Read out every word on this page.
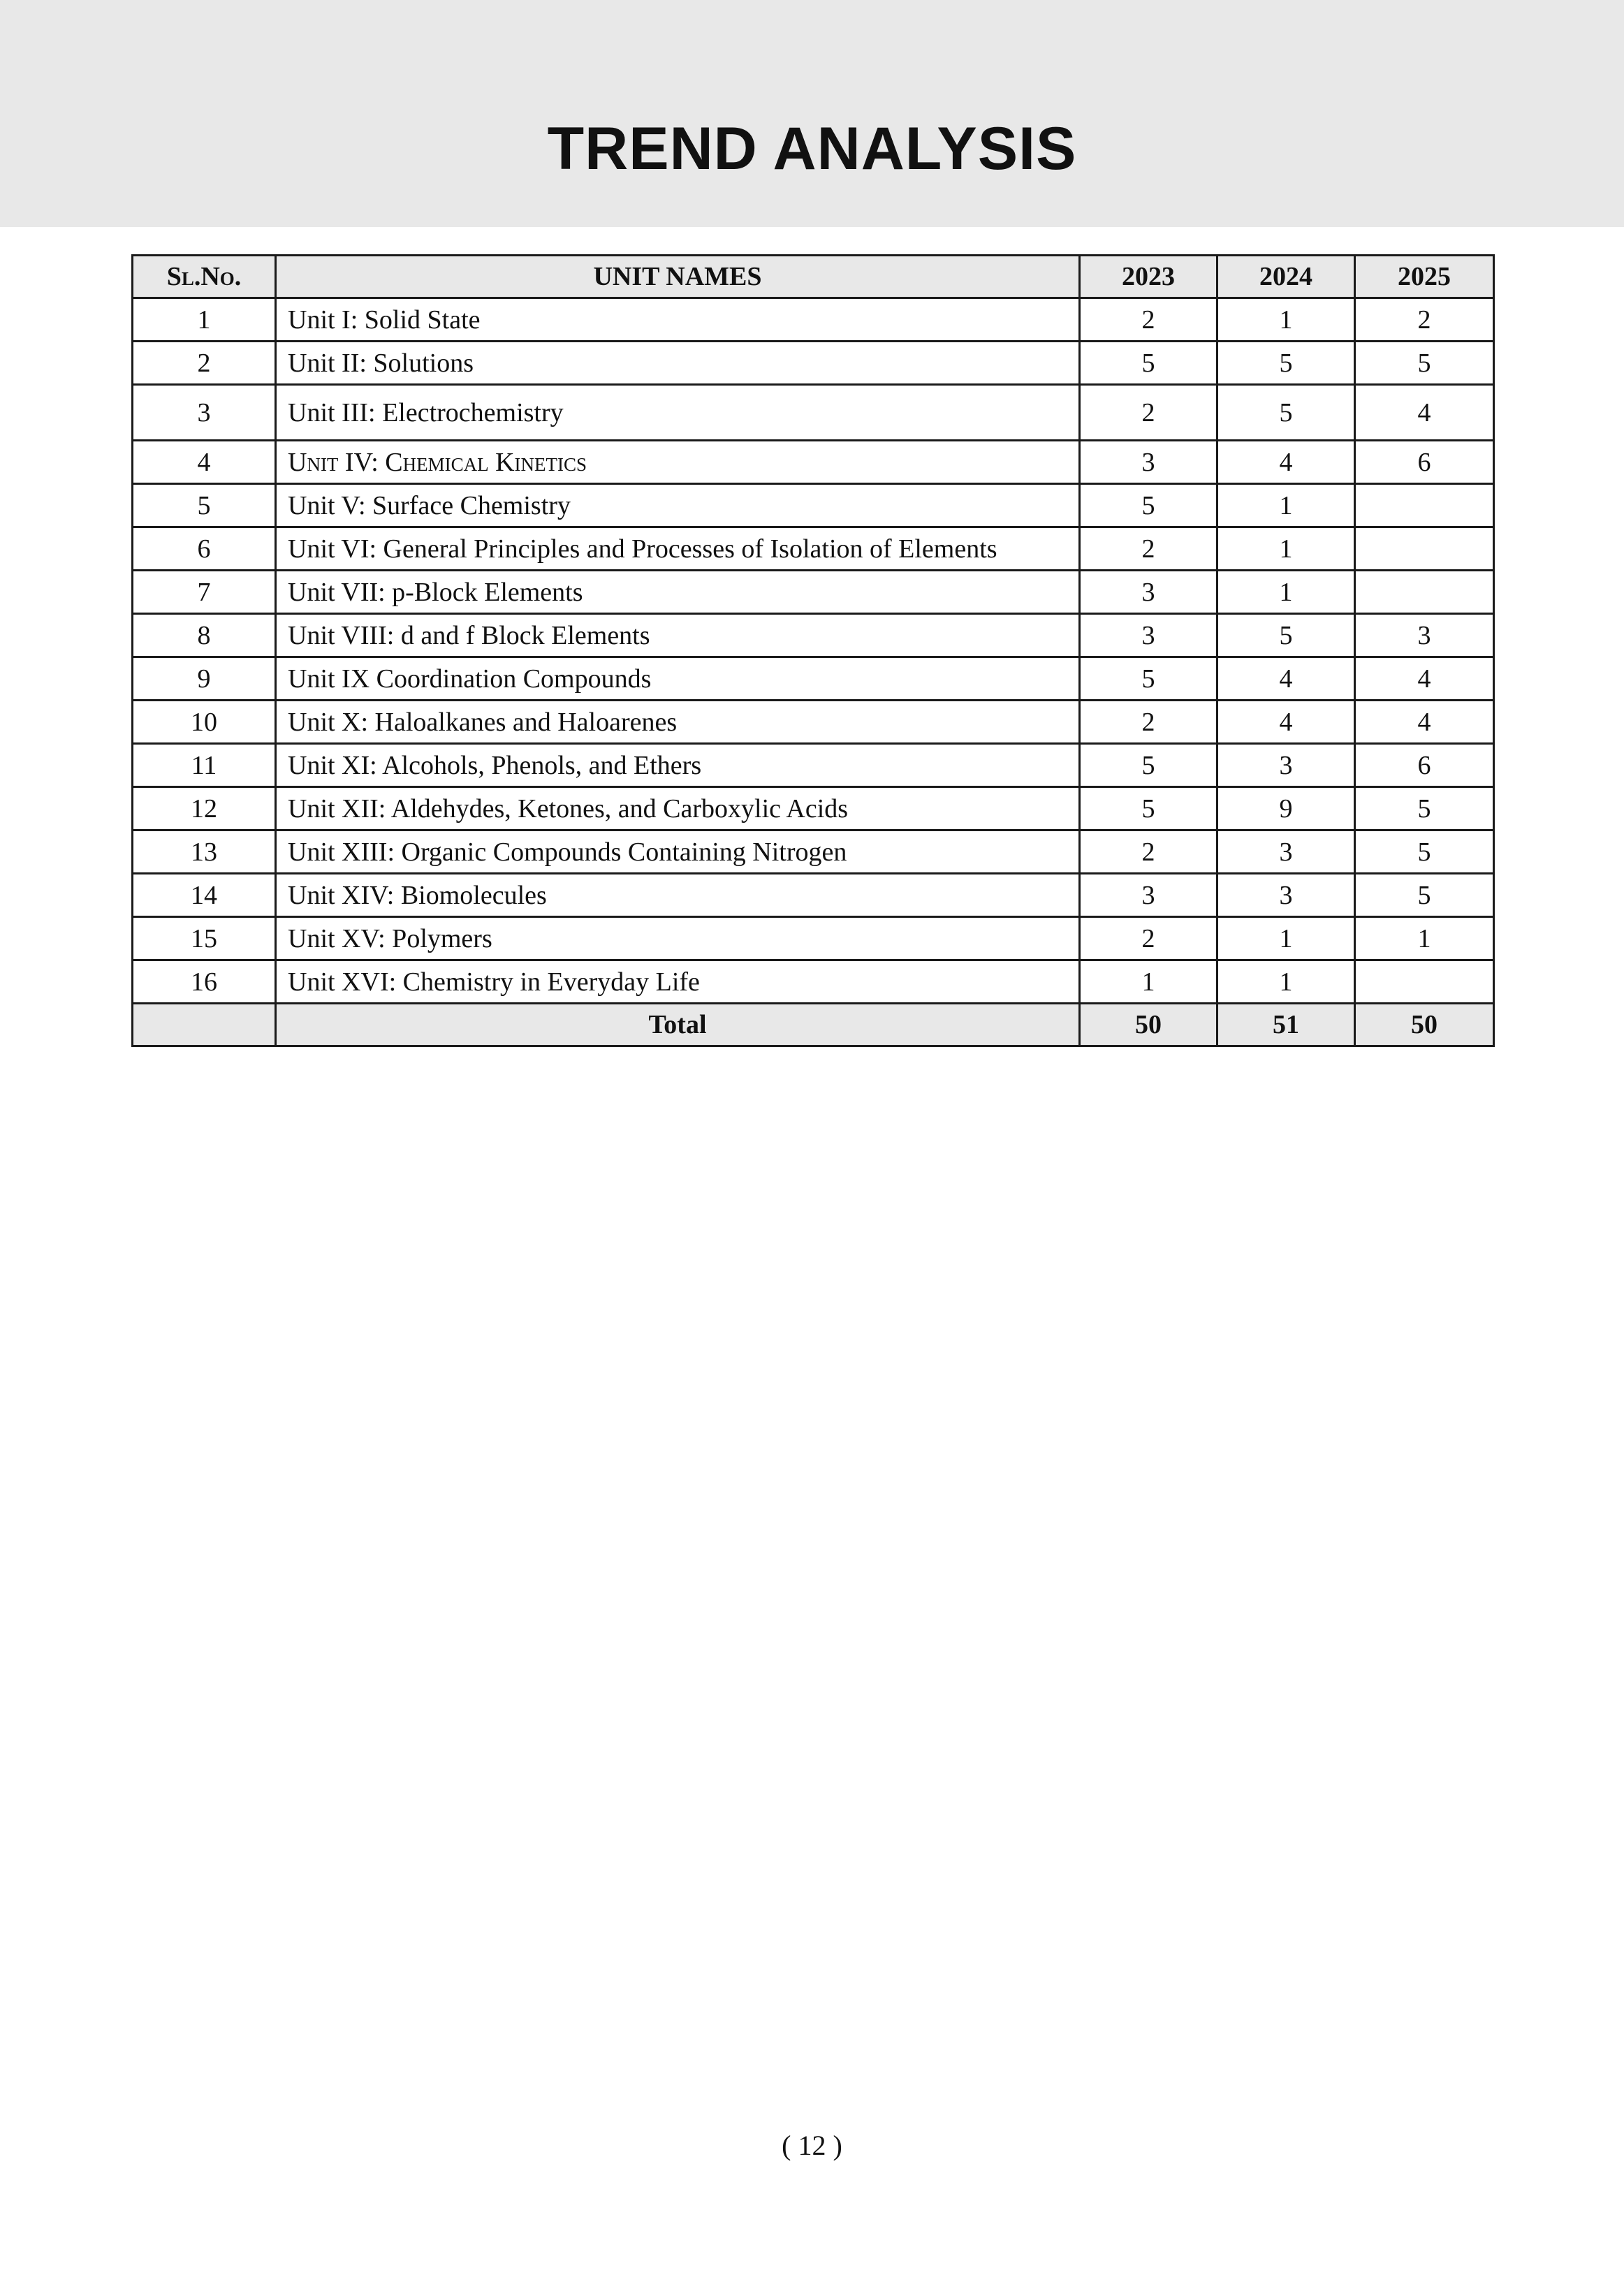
TREND ANALYSIS
Sl.No.	UNIT NAMES	2023	2024	2025
1	Unit I: Solid State	2	1	2
2	Unit II: Solutions	5	5	5
3	Unit III: Electrochemistry	2	5	4
4	Unit IV: Chemical Kinetics	3	4	6
5	Unit V: Surface Chemistry	5	1	
6	Unit VI: General Principles and Processes of Isolation of Elements	2	1	
7	Unit VII: p-Block Elements	3	1	
8	Unit VIII: d and f Block Elements	3	5	3
9	Unit IX Coordination Compounds	5	4	4
10	Unit X: Haloalkanes and Haloarenes	2	4	4
11	Unit XI: Alcohols, Phenols, and Ethers	5	3	6
12	Unit XII: Aldehydes, Ketones, and Carboxylic Acids	5	9	5
13	Unit XIII: Organic Compounds Containing Nitrogen	2	3	5
14	Unit XIV: Biomolecules	3	3	5
15	Unit XV: Polymers	2	1	1
16	Unit XVI: Chemistry in Everyday Life	1	1	
	Total	50	51	50
( 12 )
